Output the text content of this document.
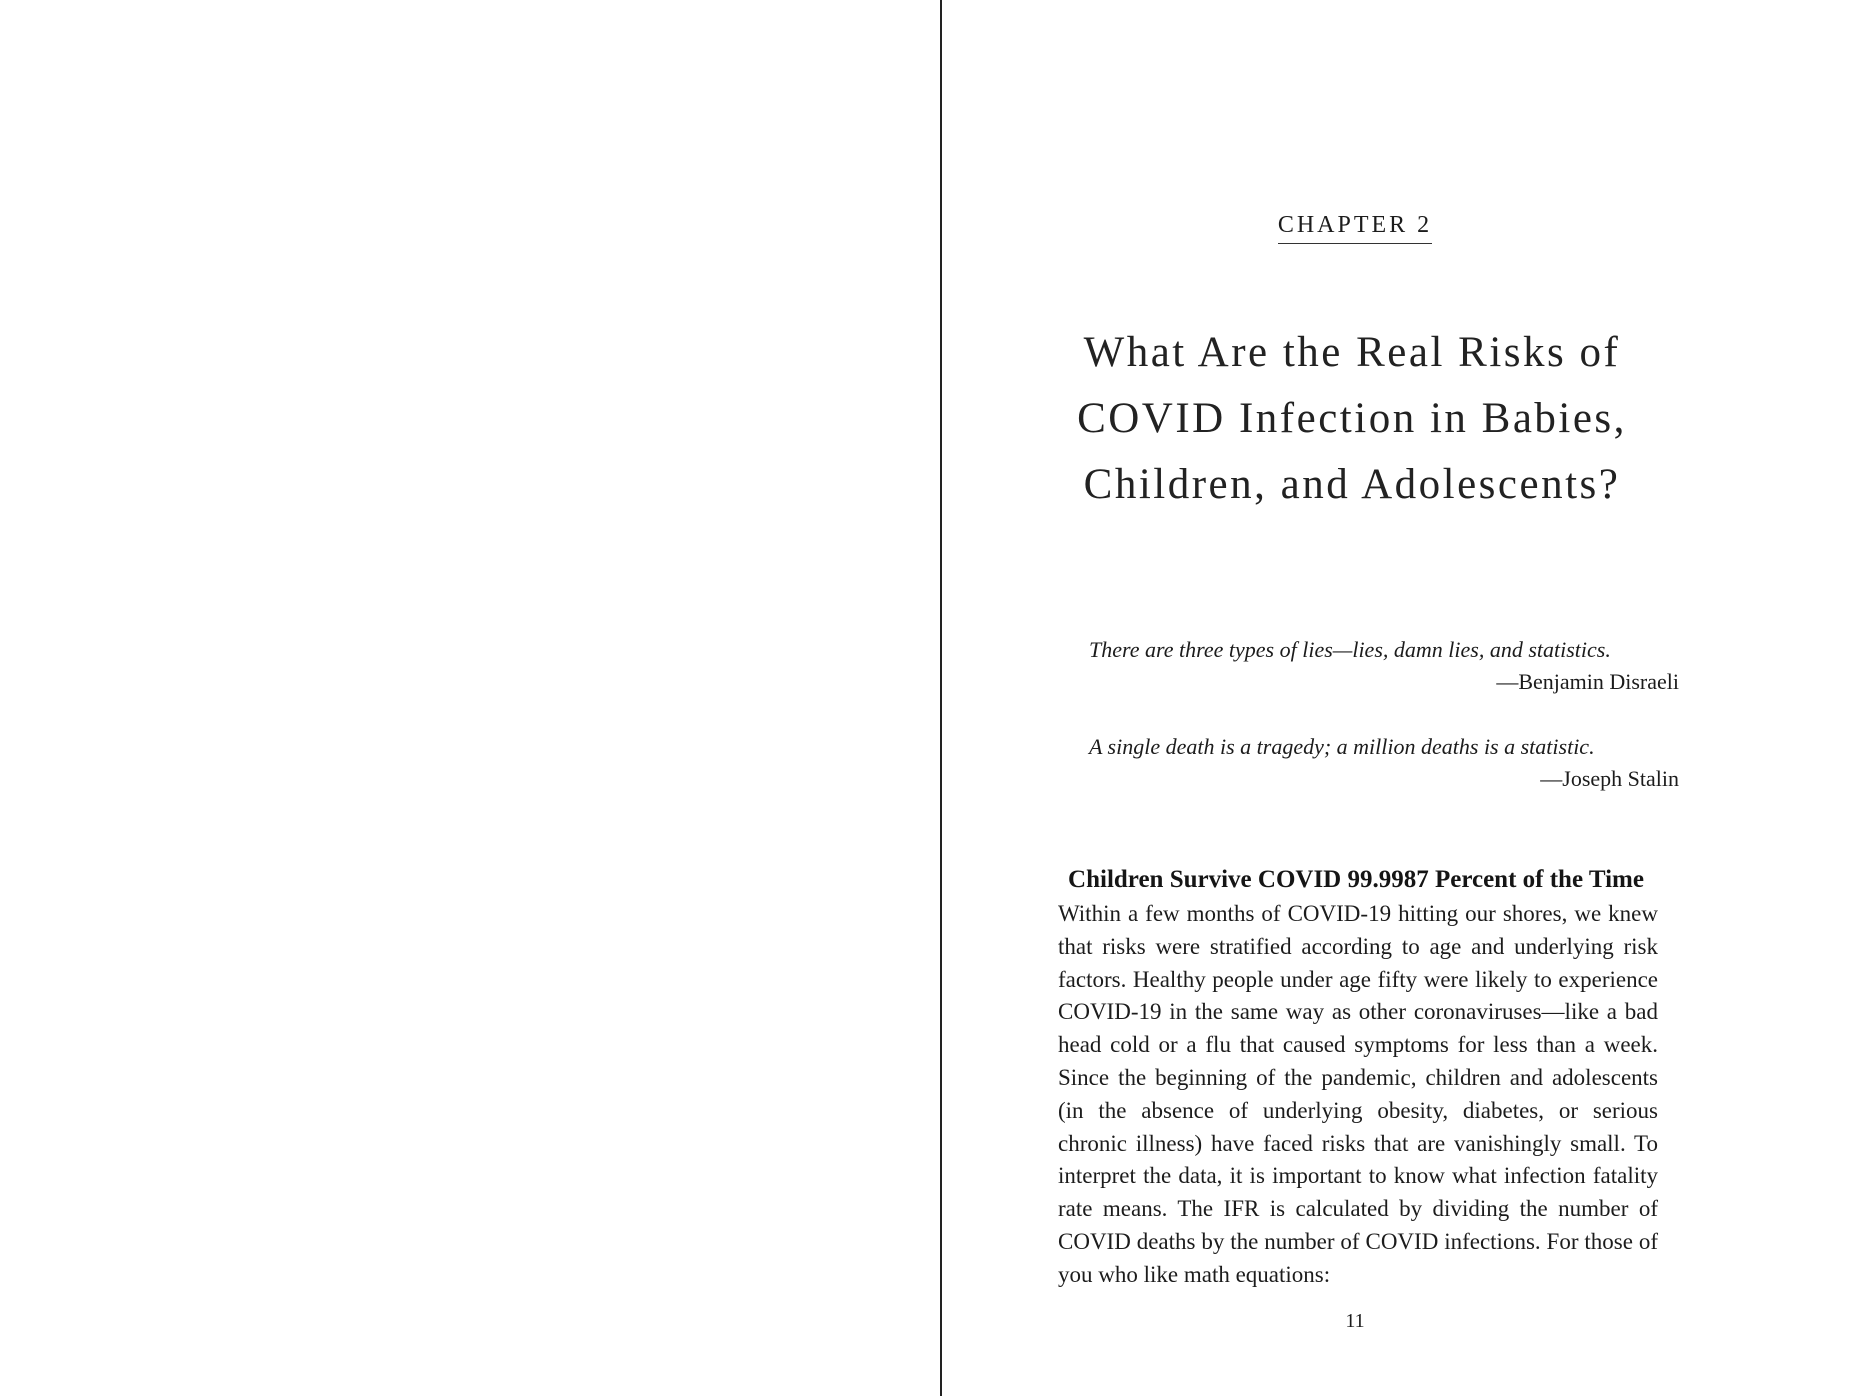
CHAPTER 2
What Are the Real Risks of COVID Infection in Babies, Children, and Adolescents?
There are three types of lies—lies, damn lies, and statistics.
—Benjamin Disraeli
A single death is a tragedy; a million deaths is a statistic.
—Joseph Stalin
Children Survive COVID 99.9987 Percent of the Time

Within a few months of COVID-19 hitting our shores, we knew that risks were stratified according to age and underlying risk factors. Healthy people under age fifty were likely to experience COVID-19 in the same way as other coronaviruses—like a bad head cold or a flu that caused symptoms for less than a week. Since the beginning of the pandemic, children and adolescents (in the absence of underlying obesity, diabetes, or serious chronic illness) have faced risks that are vanishingly small. To interpret the data, it is important to know what infection fatality rate means. The IFR is calculated by dividing the number of COVID deaths by the number of COVID infections. For those of you who like math equations:

11
